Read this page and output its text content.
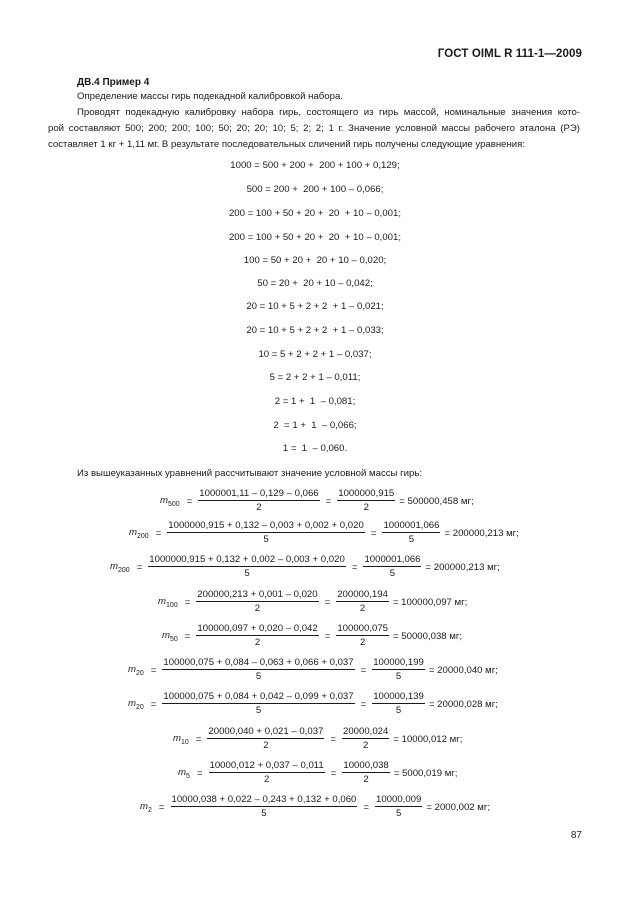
ГОСТ OIML R 111-1—2009
ДВ.4 Пример 4
Определение массы гирь подекадной калибровкой набора.
Проводят подекадную калибровку набора гирь, состоящего из гирь массой, номинальные значения кото-
рой составляют 500; 200; 200; 100; 50; 20; 20; 10; 5; 2; 2; 1 г. Значение условной массы рабочего эталона (РЭ)
составляет 1 кг + 1,11 мг. В результате последовательных сличений гирь получены следующие уравнения:
1000 = 500 + 200 +  200 + 100 + 0,129;
500 = 200 +  200 + 100 – 0,066;
200 = 100 + 50 + 20 +  20  + 10 – 0,001;
200 = 100 + 50 + 20 +  20  + 10 – 0,001;
100 = 50 + 20 +  20 + 10 – 0,020;
50 = 20 +  20 + 10 – 0,042;
20 = 10 + 5 + 2 + 2  + 1 – 0,021;
20 = 10 + 5 + 2 + 2  + 1 – 0,033;
10 = 5 + 2 + 2 + 1 – 0,037;
5 = 2 + 2 + 1 – 0,011;
2 = 1 +  1  – 0,081;
2  = 1 +  1  – 0,066;
1 =  1  – 0,060.
Из вышеуказанных уравнений рассчитывают значение условной массы гирь:
$m_{500} = \frac{1000001,11 - 0,129 - 0,066}{2} = \frac{1000000,915}{2} = 500000,458$ мг;
$m_{200} = \frac{1000000,915 + 0,132 - 0,003 + 0,002 + 0,020}{5} = \frac{1000001,066}{5} = 200000,213$ мг;
$m_{200} = \frac{1000000,915 + 0,132 + 0,002 - 0,003 + 0,020}{5} = \frac{1000001,066}{5} = 200000,213$ мг;
$m_{100} = \frac{200000,213 + 0,001 - 0,020}{2} = \frac{200000,194}{2} = 100000,097$ мг;
$m_{50} = \frac{100000,097 + 0,020 - 0,042}{2} = \frac{100000,075}{2} = 50000,038$ мг;
$m_{20} = \frac{100000,075 + 0,084 - 0,063 + 0,066 + 0,037}{5} = \frac{100000,199}{5} = 20000,040$ мг;
$m_{20} = \frac{100000,075 + 0,084 + 0,042 - 0,099 + 0,037}{5} = \frac{100000,139}{5} = 20000,028$ мг;
$m_{10} = \frac{20000,040 + 0,021 - 0,037}{2} = \frac{20000,024}{2} = 10000,012$ мг;
$m_5 = \frac{10000,012 + 0,037 - 0,011}{2} = \frac{10000,038}{2} = 5000,019$ мг;
$m_2 = \frac{10000,038 + 0,022 - 0,243 + 0,132 + 0,060}{5} = \frac{10000,009}{5} = 2000,002$ мг;
87
